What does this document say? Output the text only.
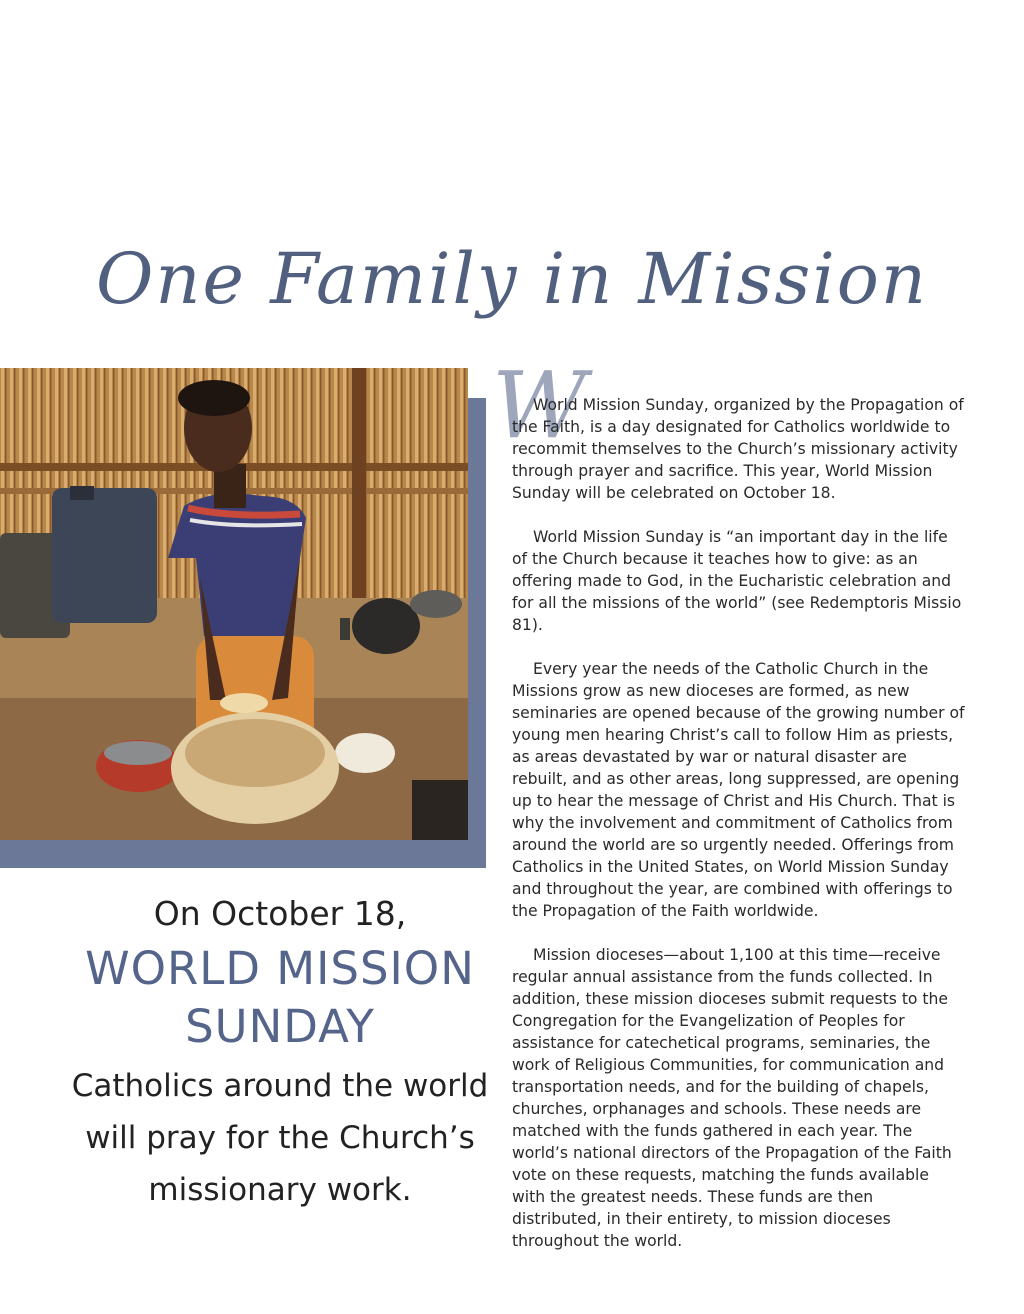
One Family in Mission

On October 18,

WORLD MISSION

SUNDAY

Catholics around the world will pray for the Church’s missionary work.

W

World Mission Sunday, organized by the Propagation of the Faith, is a day designated for Catholics worldwide to recommit themselves to the Church’s missionary activity through prayer and sacrifice. This year, World Mission Sunday will be celebrated on October 18.

World Mission Sunday is “an important day in the life of the Church because it teaches how to give: as an offering made to God, in the Eucharistic celebration and for all the missions of the world” (see Redemptoris Missio 81).

Every year the needs of the Catholic Church in the Missions grow as new dioceses are formed, as new seminaries are opened because of the growing number of young men hearing Christ’s call to follow Him as priests, as areas devastated by war or natural disaster are rebuilt, and as other areas, long suppressed, are opening up to hear the message of Christ and His Church. That is why the involvement and commitment of Catholics from around the world are so urgently needed. Offerings from Catholics in the United States, on World Mission Sunday and throughout the year, are combined with offerings to the Propagation of the Faith worldwide.

Mission dioceses—about 1,100 at this time—receive regular annual assistance from the funds collected. In addition, these mission dioceses submit requests to the Congregation for the Evangelization of Peoples for assistance for catechetical programs, seminaries, the work of Religious Communities, for communication and transportation needs, and for the building of chapels, churches, orphanages and schools. These needs are matched with the funds gathered in each year. The world’s national directors of the Propagation of the Faith vote on these requests, matching the funds available with the greatest needs. These funds are then distributed, in their entirety, to mission dioceses throughout the world.
